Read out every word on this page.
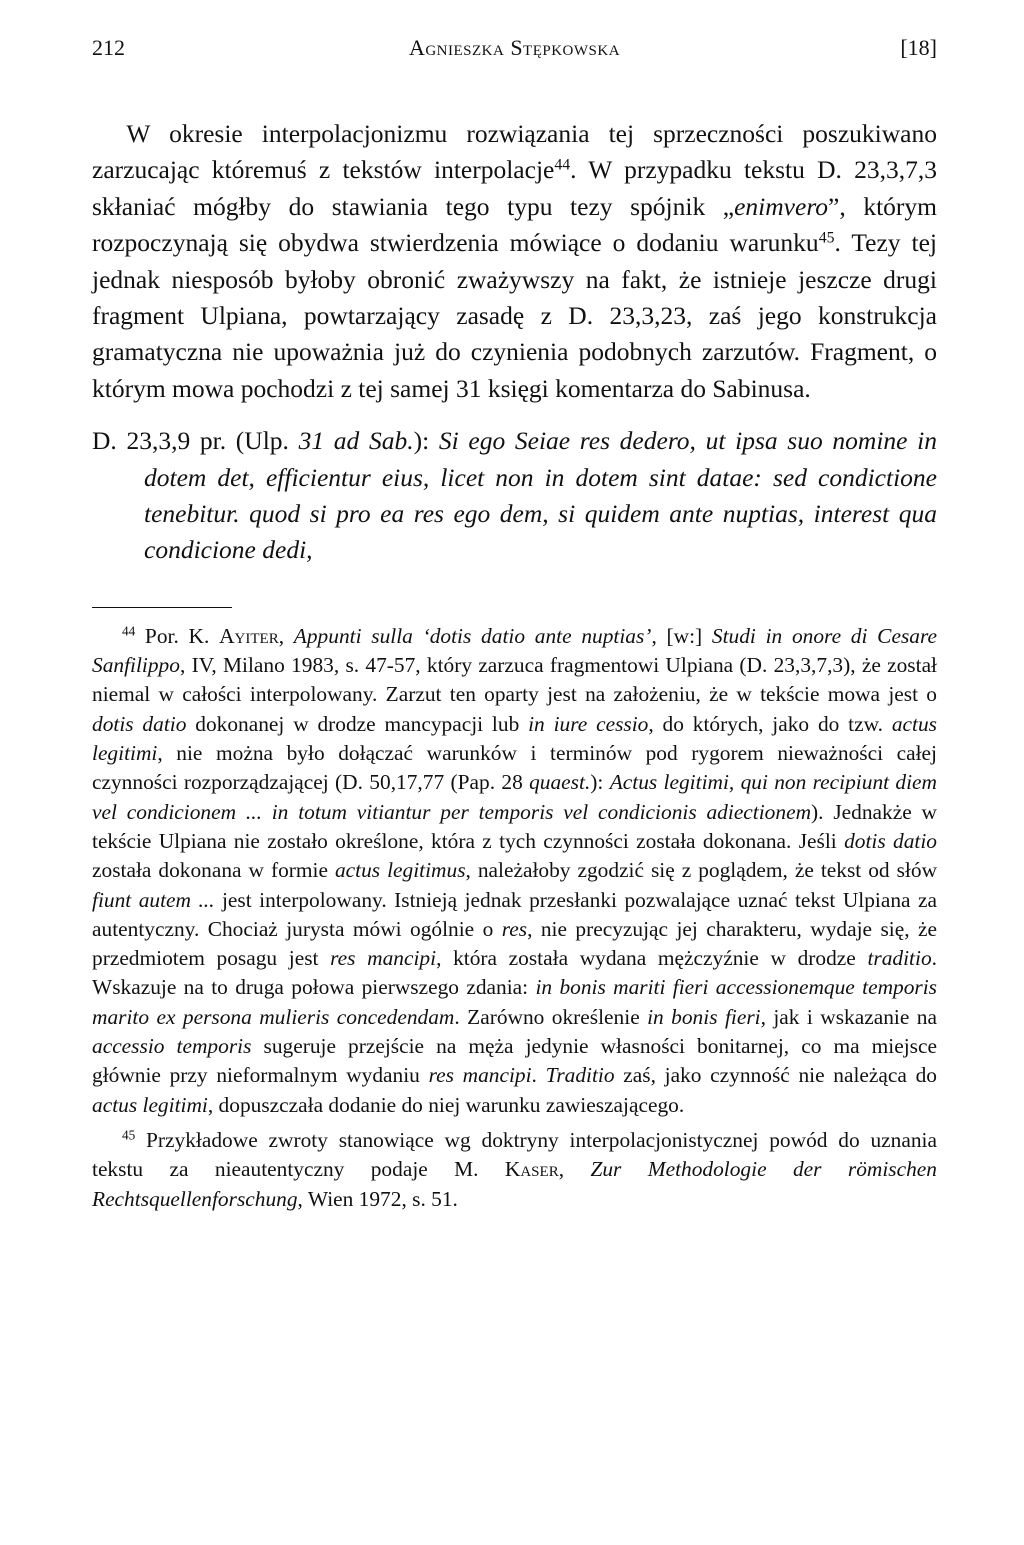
212	Agnieszka Stępkowska	[18]

W okresie interpolacjonizmu rozwiązania tej sprzeczności poszukiwano zarzucając któremuś z tekstów interpolacje$^{44}$. W przypadku tekstu D. 23,3,7,3 skłaniać mógłby do stawiania tego typu tezy spójnik „enimvero”, którym rozpoczynają się obydwa stwierdzenia mówiące o dodaniu warunku$^{45}$. Tezy tej jednak niesposób byłoby obronić zważywszy na fakt, że istnieje jeszcze drugi fragment Ulpiana, powtarzający zasadę z D. 23,3,23, zaś jego konstrukcja gramatyczna nie upoważnia już do czynienia podobnych zarzutów. Fragment, o którym mowa pochodzi z tej samej 31 księgi komentarza do Sabinusa.

D. 23,3,9 pr. (Ulp. 31 ad Sab.): Si ego Seiae res dedero, ut ipsa suo nomine in dotem det, efficientur eius, licet non in dotem sint datae: sed condictione tenebitur. quod si pro ea res ego dem, si quidem ante nuptias, interest qua condicione dedi,

$^{44}$ Por. K. Ayiter, Appunti sulla ‘dotis datio ante nuptias’, [w:] Studi in onore di Cesare Sanfilippo, IV, Milano 1983, s. 47-57, który zarzuca fragmentowi Ulpiana (D. 23,3,7,3), że został niemal w całości interpolowany. Zarzut ten oparty jest na założeniu, że w tekście mowa jest o dotis datio dokonanej w drodze mancypacji lub in iure cessio, do których, jako do tzw. actus legitimi, nie można było dołączać warunków i terminów pod rygorem nieważności całej czynności rozporządzającej (D. 50,17,77 (Pap. 28 quaest.): Actus legitimi, qui non recipiunt diem vel condicionem ... in totum vitiantur per temporis vel condicionis adiectionem). Jednakże w tekście Ulpiana nie zostało określone, która z tych czynności została dokonana. Jeśli dotis datio została dokonana w formie actus legitimus, należałoby zgodzić się z poglądem, że tekst od słów fiunt autem ... jest interpolowany. Istnieją jednak przesłanki pozwalające uznać tekst Ulpiana za autentyczny. Chociaż jurysta mówi ogólnie o res, nie precyzując jej charakteru, wydaje się, że przedmiotem posagu jest res mancipi, która została wydana mężczyźnie w drodze traditio. Wskazuje na to druga połowa pierwszego zdania: in bonis mariti fieri accessionemque temporis marito ex persona mulieris concedendam. Zarówno określenie in bonis fieri, jak i wskazanie na accessio temporis sugeruje przejście na męża jedynie własności bonitarnej, co ma miejsce głównie przy nieformalnym wydaniu res mancipi. Traditio zaś, jako czynność nie należąca do actus legitimi, dopuszczała dodanie do niej warunku zawieszającego.

$^{45}$ Przykładowe zwroty stanowiące wg doktryny interpolacjonistycznej powód do uznania tekstu za nieautentyczny podaje M. Kaser, Zur Methodologie der römischen Rechtsquellenforschung, Wien 1972, s. 51.
